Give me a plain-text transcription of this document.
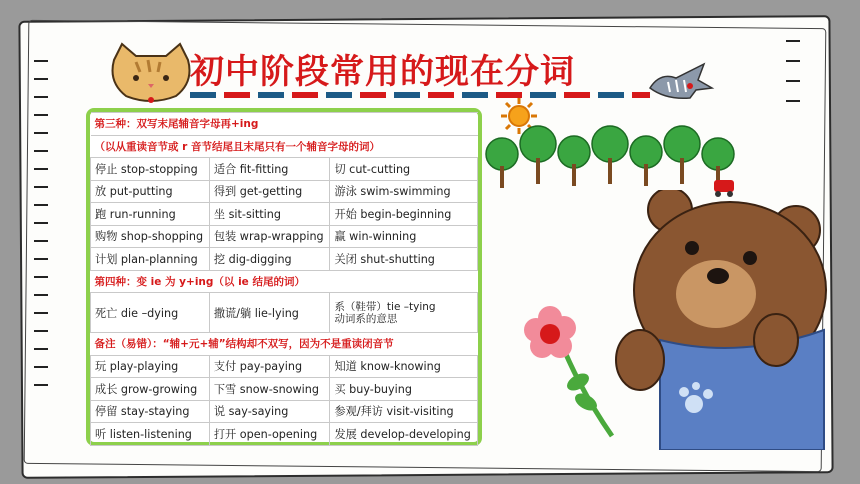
初中阶段常用的现在分词
第三种：双写末尾辅音字母再+ing		
（以从重读音节或 r 音节结尾且末尾只有一个辅音字母的词）		
停止 stop-stopping	适合 fit-fitting	切 cut-cutting
放 put-putting	得到 get-getting	游泳 swim-swimming
跑 run-running	坐 sit-sitting	开始 begin-beginning
购物 shop-shopping	包装 wrap-wrapping	赢 win-winning
计划 plan-planning	挖 dig-digging	关闭 shut-shutting
第四种：变 ie 为 y+ing（以 ie 结尾的词）		
死亡 die –dying	撒谎/躺 lie-lying	系（鞋带）tie –tying
动词系的意思

备注（易错）：“辅+元+辅”结构却不双写，因为不是重读闭音节		
玩 play-playing	支付 pay-paying	知道 know-knowing
成长 grow-growing	下雪 snow-snowing	买 buy-buying
停留 stay-staying	说 say-saying	参观/拜访 visit-visiting
听 listen-listening	打开 open-opening	发展 develop-developing
